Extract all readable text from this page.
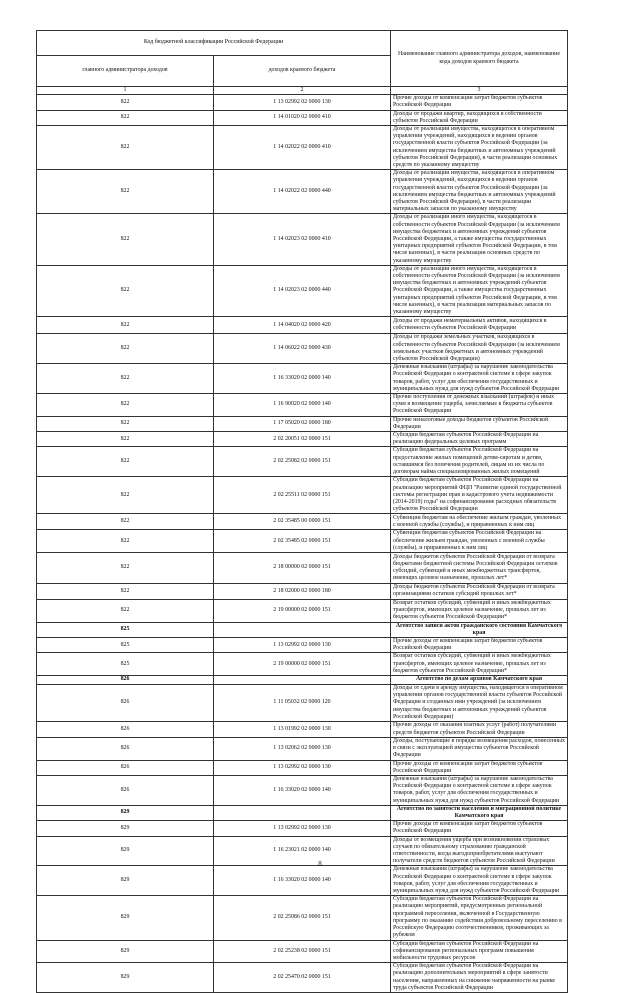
Код бюджетной классификации Российской Федерации		Наименование главного администратора доходов, наименование кода доходов краевого бюджета
главного администратора доходов	доходов краевого бюджета	
1	2	3
822	1 13 02992 02 0000 130	Прочие доходы от компенсации затрат бюджетов субъектов Российской Федерации
822	1 14 01020 02 0000 410	Доходы от продажи квартир, находящихся в собственности субъектов Российской Федерации
822	1 14 02022 02 0000 410	Доходы от реализации имущества, находящегося в оперативном управлении учреждений, находящихся в ведении органов государственной власти субъектов Российской Федерации (за исключением имущества бюджетных и автономных учреждений субъектов Российской Федерации), в части реализации основных средств по указанному имуществу
822	1 14 02022 02 0000 440	Доходы от реализации имущества, находящегося в оперативном управлении учреждений, находящихся в ведении органов государственной власти субъектов Российской Федерации (за исключением имущества бюджетных и автономных учреждений субъектов Российской Федерации), в части реализации материальных запасов по указанному имуществу
822	1 14 02023 02 0000 410	Доходы от реализации иного имущества, находящегося в собственности субъектов Российской Федерации (за исключением имущества бюджетных и автономных учреждений субъектов Российской Федерации, а также имущества государственных унитарных предприятий субъектов Российской Федерации, в том числе казенных), в части реализации основных средств по указанному имуществу
822	1 14 02023 02 0000 440	Доходы от реализации иного имущества, находящегося в собственности субъектов Российской Федерации (за исключением имущества бюджетных и автономных учреждений субъектов Российской Федерации, а также имущества государственных унитарных предприятий субъектов Российской Федерации, в том числе казенных), в части реализации материальных запасов по указанному имуществу
822	1 14 04020 02 0000 420	Доходы от продажи нематериальных активов, находящихся в собственности субъектов Российской Федерации
822	1 14 06022 02 0000 430	Доходы от продажи земельных участков, находящихся в собственности субъектов Российской Федерации (за исключением земельных участков бюджетных и автономных учреждений субъектов Российской Федерации)
822	1 16 33020 02 0000 140	Денежные взыскания (штрафы) за нарушение законодательства Российской Федерации о контрактной системе в сфере закупок товаров, работ, услуг для обеспечения государственных и муниципальных нужд для нужд субъектов Российской Федерации
822	1 16 90020 02 0000 140	Прочие поступления от денежных взысканий (штрафов) и иных сумм в возмещение ущерба, зачисляемые в бюджеты субъектов Российской Федерации
822	1 17 05020 02 0000 180	Прочие неналоговые доходы бюджетов субъектов Российской Федерации
822	2 02 20051 02 0000 151	Субсидии бюджетам субъектов Российской Федерации на реализацию федеральных целевых программ
822	2 02 25082 02 0000 151	Субсидии бюджетам субъектов Российской Федерации на предоставление жилых помещений детям-сиротам и детям, оставшимся без попечения родителей, лицам из их числа по договорам найма специализированных жилых помещений
822	2 02 25511 02 0000 151	Субсидии бюджетам субъектов Российской Федерации на реализацию мероприятий ФЦП "Развитие единой государственной системы регистрации прав и кадастрового учета недвижимости (2014-2019) годы" на софинансирование расходных обязательств субъектов Российской Федерации
822	2 02 35485 00 0000 151	Субвенции бюджетам на обеспечение жильем граждан, уволенных с военной службы (службы), и приравненных к ним лиц
822	2 02 35485 02 0000 151	Субвенции бюджетам субъектов Российской Федерации на обеспечение жильем граждан, уволенных с военной службы (службы), и приравненных к ним лиц
822	2 18 00000 02 0000 151	Доходы бюджетов субъектов Российской Федерации от возврата бюджетами бюджетной системы Российской Федерации остатков субсидий, субвенций и иных межбюджетных трансфертов, имеющих целевое назначение, прошлых лет*
822	2 18 02000 02 0000 180	Доходы бюджетов субъектов Российской Федерации от возврата организациями остатков субсидий прошлых лет*
822	2 19 00000 02 0000 151	Возврат остатков субсидий, субвенций и иных межбюджетных трансфертов, имеющих целевое назначение, прошлых лет из бюджетов субъектов Российской Федерации*
825		Агентство записи актов гражданского состояния Камчатского края
825	1 13 02992 02 0000 130	Прочие доходы от компенсации затрат бюджетов субъектов Российской Федерации
825	2 19 00000 02 0000 151	Возврат остатков субсидий, субвенций и иных межбюджетных трансфертов, имеющих целевое назначение, прошлых лет из бюджетов субъектов Российской Федерации*
826		Агентство по делам архивов Камчатского края
826	1 11 05032 02 0000 120	Доходы от сдачи в аренду имущества, находящегося в оперативном управлении органов государственной власти субъектов Российской Федерации и созданных ими учреждений (за исключением имущества бюджетных и автономных учреждений субъектов Российской Федерации)
826	1 13 01992 02 0000 130	Прочие доходы от оказания платных услуг (работ) получателями средств бюджетов субъектов Российской Федерации
826	1 13 02062 02 0000 130	Доходы, поступающие в порядке возмещения расходов, понесенных в связи с эксплуатацией имущества субъектов Российской Федерации
826	1 13 02992 02 0000 130	Прочие доходы от компенсации затрат бюджетов субъектов Российской Федерации
826	1 16 33020 02 0000 140	Денежные взыскания (штрафы) за нарушение законодательства Российской Федерации о контрактной системе в сфере закупок товаров, работ, услуг для обеспечения государственных и муниципальных нужд для нужд субъектов Российской Федерации
829		Агентство по занятости населения и миграционной политике Камчатского края
829	1 13 02992 02 0000 130	Прочие доходы от компенсации затрат бюджетов субъектов Российской Федерации
829	1 16 23021 02 0000 140	Доходы от возмещения ущерба при возникновении страховых случаев по обязательному страхованию гражданской ответственности, когда выгодоприобретателями выступают получатели средств бюджетов субъектов Российской Федерации
829	1 16 33020 02 0000 140	Денежные взыскания (штрафы) за нарушение законодательства Российской Федерации о контрактной системе в сфере закупок товаров, работ, услуг для обеспечения государственных и муниципальных нужд для нужд субъектов Российской Федерации
829	2 02 25086 02 0000 151	Субсидии бюджетам субъектов Российской Федерации на реализацию мероприятий, предусмотренных региональной программой переселения, включенной в Государственную программу по оказанию содействия добровольному переселению в Российскую Федерацию соотечественников, проживающих за рубежом
829	2 02 25238 02 0000 151	Субсидии бюджетам субъектов Российской Федерации на софинансирование региональных программ повышения мобильности трудовых ресурсов
829	2 02 25470 02 0000 151	Субсидии бюджетам субъектов Российской Федерации на реализацию дополнительных мероприятий в сфере занятости населения, направленных на снижение напряженности на рынке труда субъектов Российской Федерации
8
